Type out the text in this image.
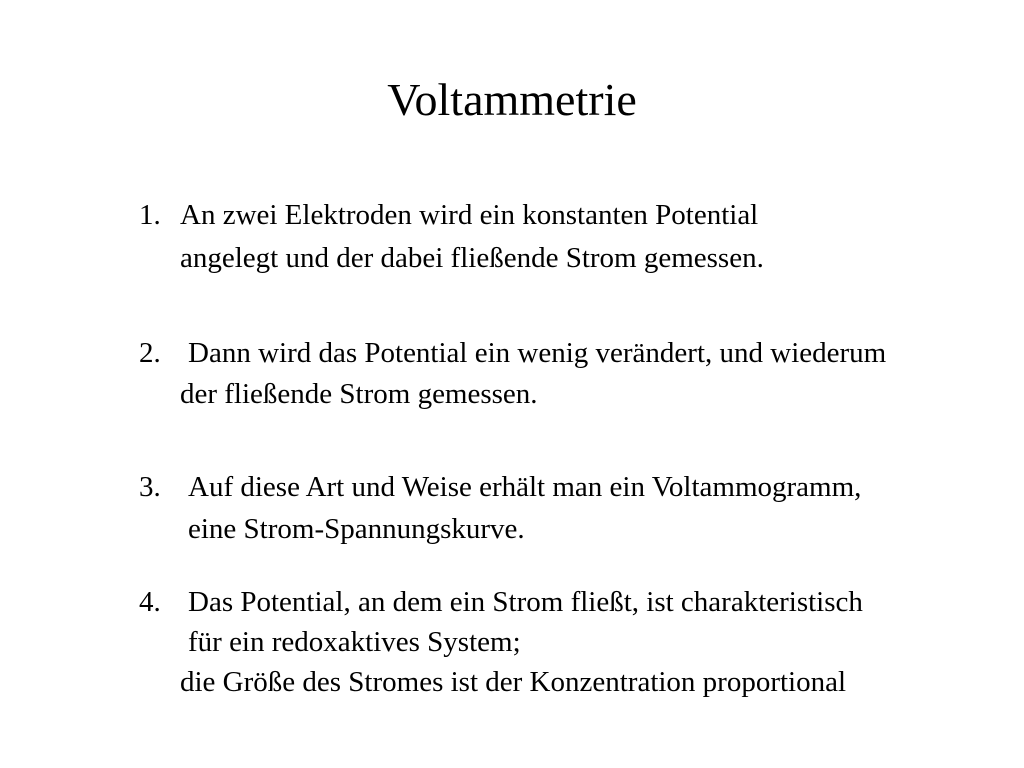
Voltammetrie
1. An zwei Elektroden wird ein konstanten Potential
angelegt und der dabei fließende Strom gemessen.
2. Dann wird das Potential ein wenig verändert, und wiederum
der fließende Strom gemessen.
3. Auf diese Art und Weise erhält man ein Voltammogramm,
eine Strom-Spannungskurve.
4. Das Potential, an dem ein Strom fließt, ist charakteristisch
für ein redoxaktives System;
die Größe des Stromes ist der Konzentration proportional
